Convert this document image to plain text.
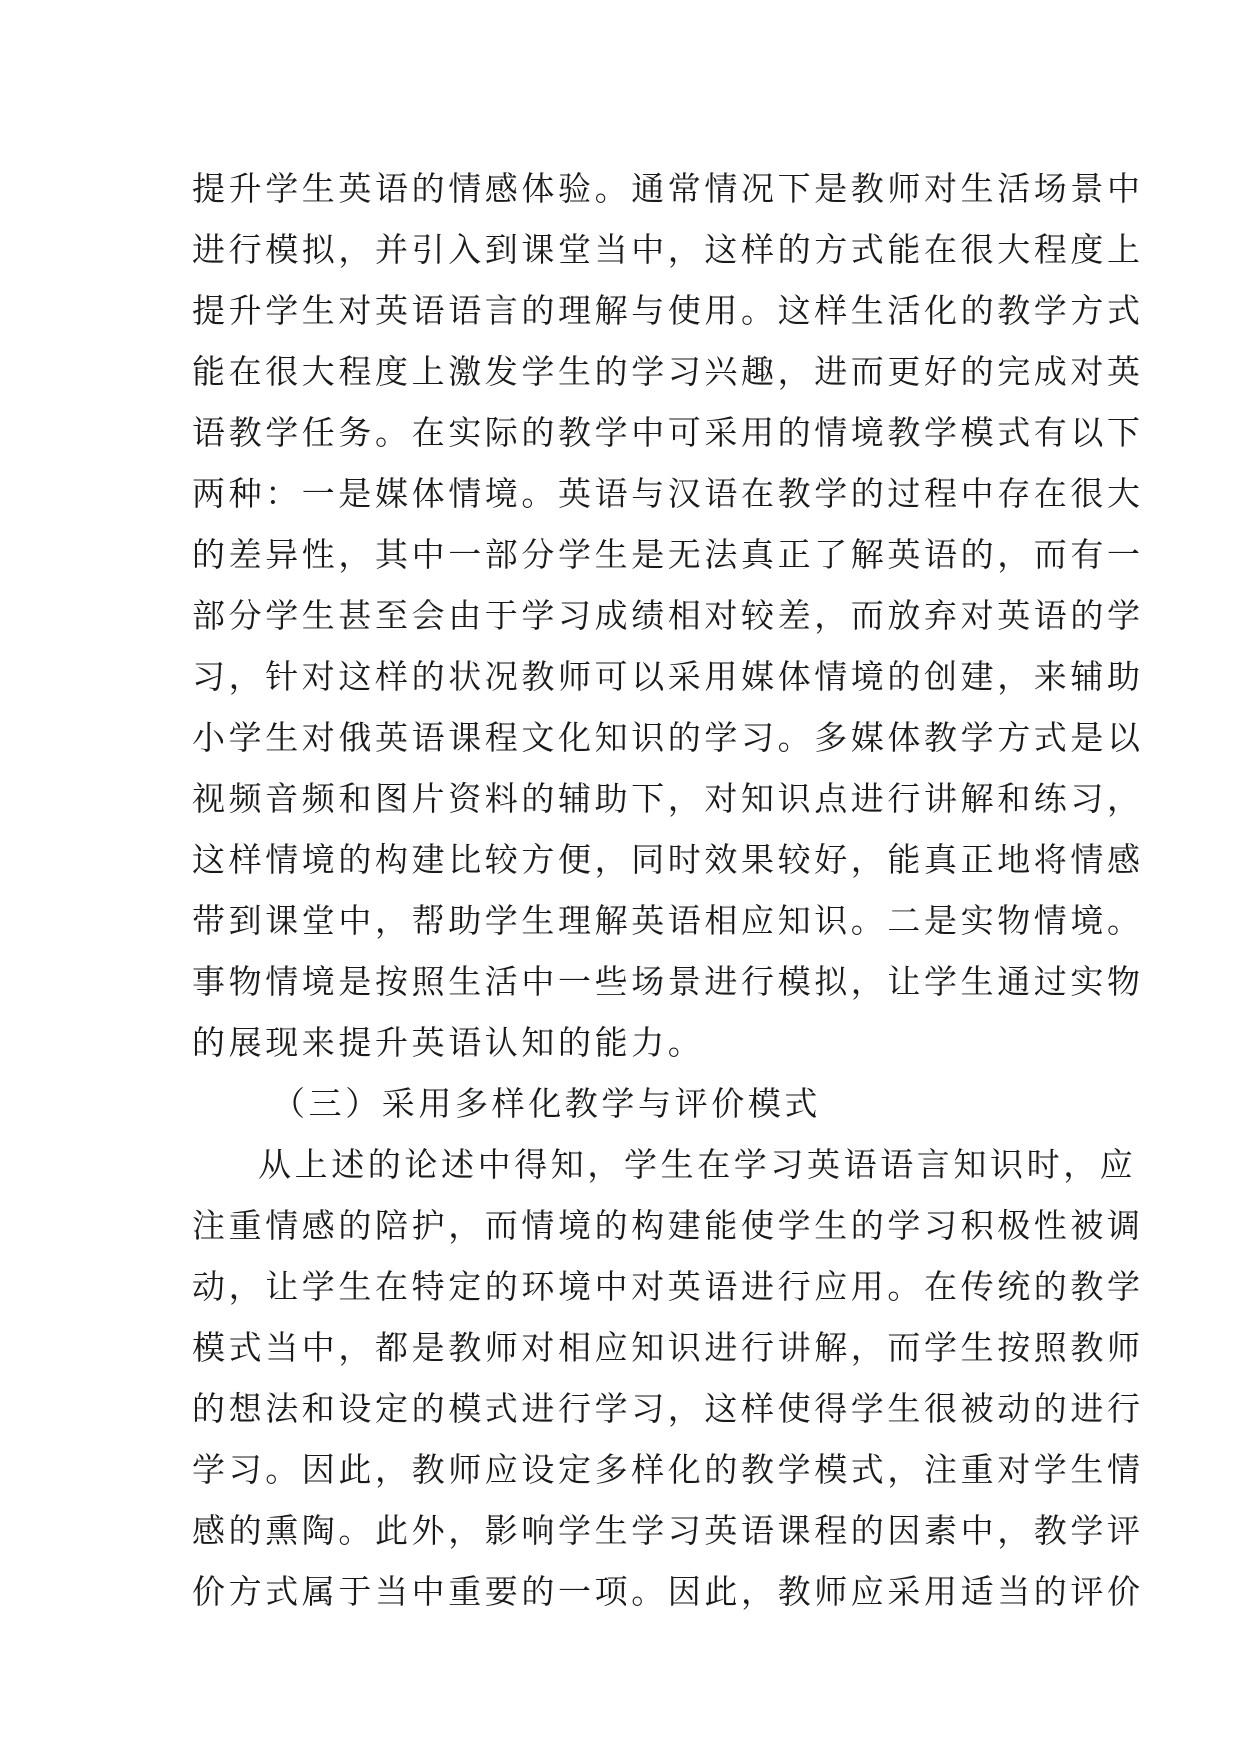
提升学生英语的情感体验。通常情况下是教师对生活场景中
进行模拟，并引入到课堂当中，这样的方式能在很大程度上
提升学生对英语语言的理解与使用。这样生活化的教学方式
能在很大程度上激发学生的学习兴趣，进而更好的完成对英
语教学任务。在实际的教学中可采用的情境教学模式有以下
两种：一是媒体情境。英语与汉语在教学的过程中存在很大
的差异性，其中一部分学生是无法真正了解英语的，而有一
部分学生甚至会由于学习成绩相对较差，而放弃对英语的学
习，针对这样的状况教师可以采用媒体情境的创建，来辅助
小学生对俄英语课程文化知识的学习。多媒体教学方式是以
视频音频和图片资料的辅助下，对知识点进行讲解和练习，
这样情境的构建比较方便，同时效果较好，能真正地将情感
带到课堂中，帮助学生理解英语相应知识。二是实物情境。
事物情境是按照生活中一些场景进行模拟，让学生通过实物
的展现来提升英语认知的能力。
（三）采用多样化教学与评价模式
从上述的论述中得知，学生在学习英语语言知识时，应
注重情感的陪护，而情境的构建能使学生的学习积极性被调
动，让学生在特定的环境中对英语进行应用。在传统的教学
模式当中，都是教师对相应知识进行讲解，而学生按照教师
的想法和设定的模式进行学习，这样使得学生很被动的进行
学习。因此，教师应设定多样化的教学模式，注重对学生情
感的熏陶。此外，影响学生学习英语课程的因素中，教学评
价方式属于当中重要的一项。因此，教师应采用适当的评价
